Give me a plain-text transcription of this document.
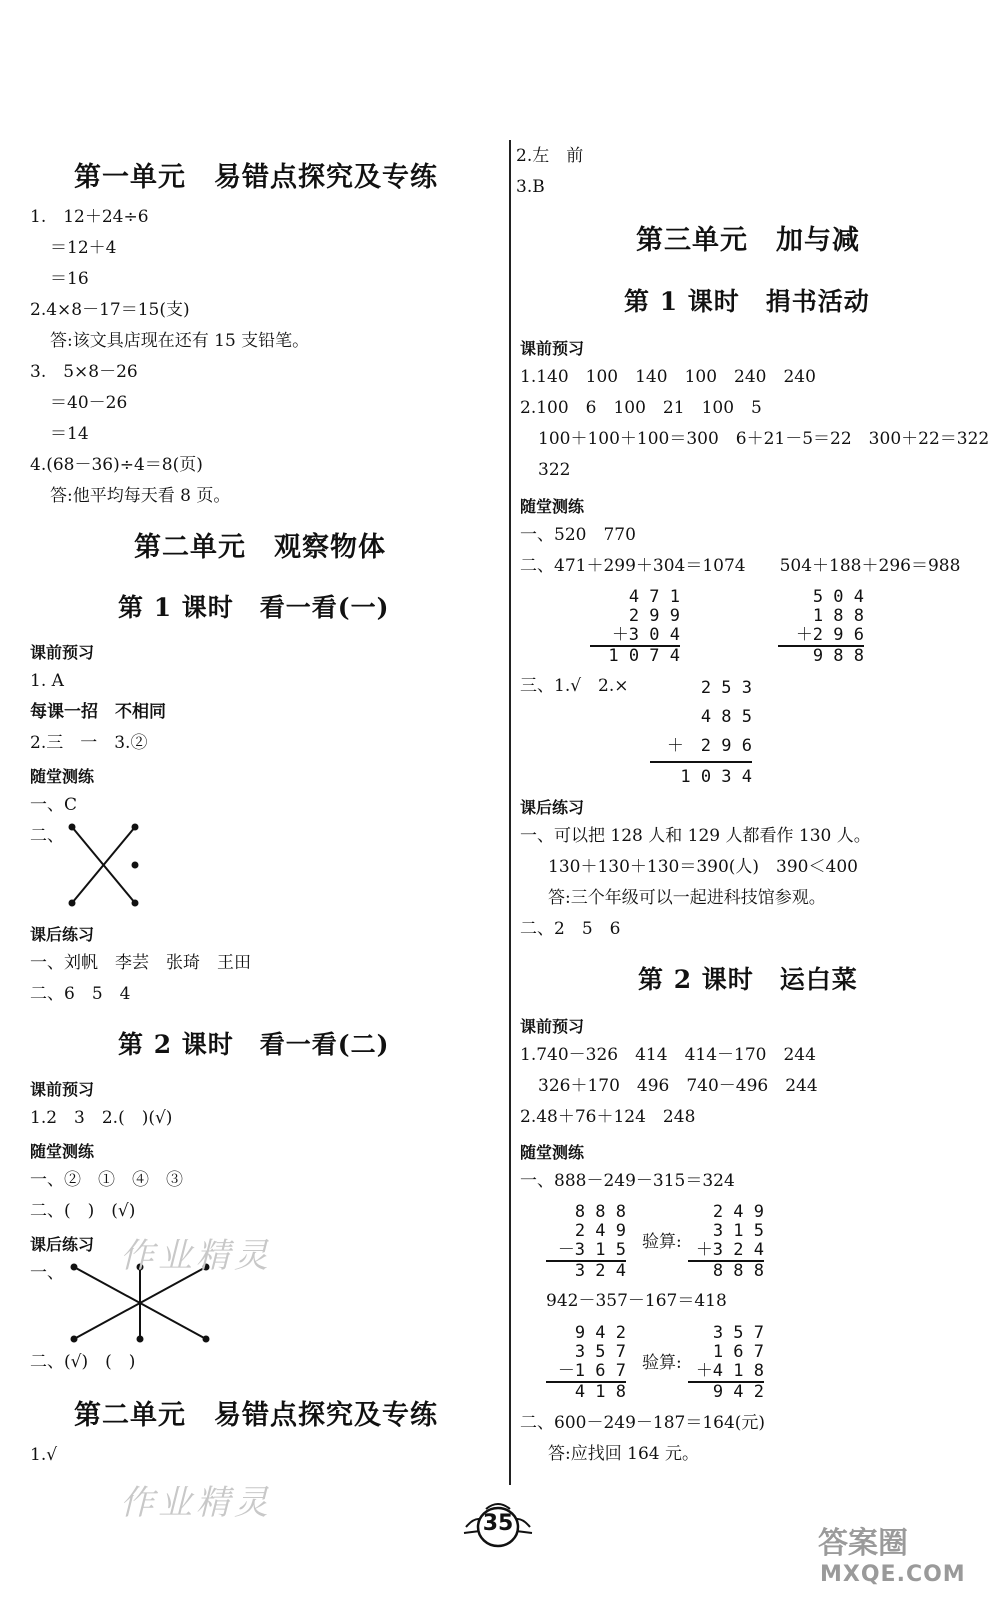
第一单元　易错点探究及专练
1.　12＋24÷6
＝12＋4
＝16
2.4×8－17＝15(支)
答:该文具店现在还有 15 支铅笔。
3.　5×8－26
＝40－26
＝14
4.(68－36)÷4＝8(页)
答:他平均每天看 8 页。
第二单元　观察物体
第 1 课时　看一看(一)
课前预习
1. A
每课一招　不相同
2.三　一　3.②
随堂测练
一、C
二、
课后练习
一、刘帆　李芸　张琦　王田
二、6　5　4
第 2 课时　看一看(二)
课前预习
1.2　3　2.(　)(√)
随堂测练
一、②　①　④　③
二、(　)　(√)
课后练习
一、
二、(√)　(　)
第二单元　易错点探究及专练
1.√
作业精灵
作业精灵
2.左　前
3.B
第三单元　加与减
第 1 课时　捐书活动
课前预习
1.140　100　140　100　240　240
2.100　6　100　21　100　5
100＋100＋100＝300　6＋21－5＝22　300＋22＝322
322
随堂测练
一、520　770
二、471＋299＋304＝1074　　504＋188＋296＝988
4 7 1
2 9 9
＋3 0 4
1 0 7 4
5 0 4
1 8 8
＋2 9 6
9 8 8
三、1.√　2.×	2 5 3
4 8 5
＋　2 9 6
1 0 3 4
课后练习
一、可以把 128 人和 129 人都看作 130 人。
130＋130＋130＝390(人)　390＜400
答:三个年级可以一起进科技馆参观。
二、2　5　6
第 2 课时　运白菜
课前预习
1.740－326　414　414－170　244
326＋170　496　740－496　244
2.48＋76＋124　248
随堂测练
一、888－249－315＝324
8 8 8
2 4 9
－3 1 5
3 2 4
验算:
2 4 9
3 1 5
＋3 2 4
8 8 8
942－357－167＝418
9 4 2
3 5 7
－1 6 7
4 1 8
验算:
3 5 7
1 6 7
＋4 1 8
9 4 2
二、600－249－187＝164(元)
答:应找回 164 元。
35
答案圈
MXQE.COM
